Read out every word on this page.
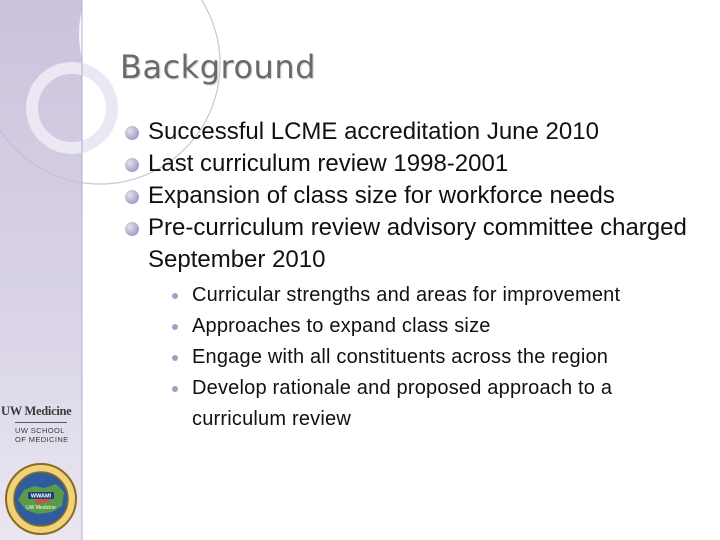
Background
Successful LCME accreditation June 2010
Last curriculum review 1998-2001
Expansion of class size for workforce needs
Pre-curriculum review advisory committee charged September 2010
Curricular strengths and areas for improvement
Approaches to expand class size
Engage with all constituents across the region
Develop rationale and proposed approach to a curriculum review
UW Medicine
UW SCHOOL
OF MEDICINE
WWAMI
UW Medicine
